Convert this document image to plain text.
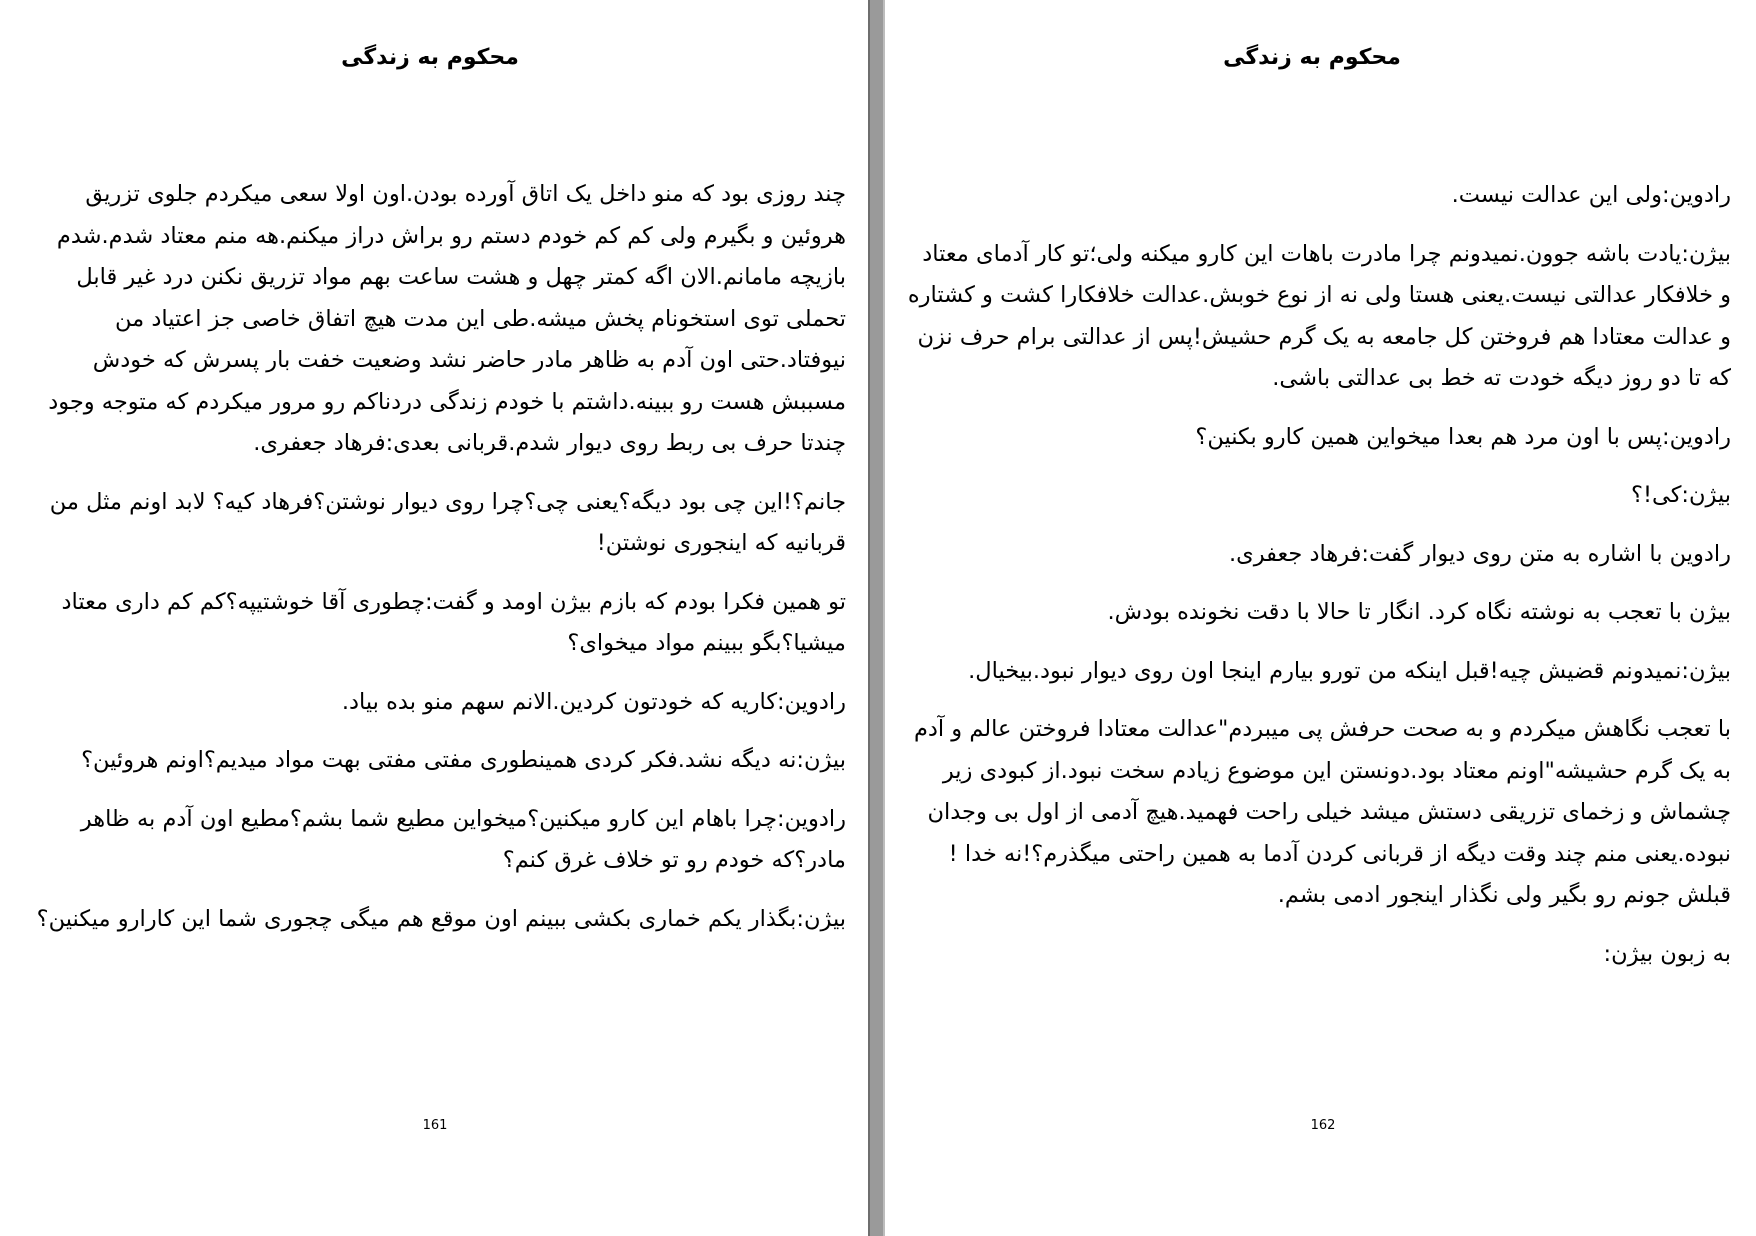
محکوم به زندگی

چند روزی بود که منو داخل یک اتاق آورده بودن.اون اولا سعی میکردم جلوی تزریق هروئین و بگیرم ولی کم کم خودم دستم رو براش دراز میکنم.هه منم معتاد شدم.شدم بازیچه مامانم.الان اگه کمتر چهل و هشت ساعت بهم مواد تزریق نکنن درد غیر قابل تحملی توی استخونام پخش میشه.طی این مدت هیچ اتفاق خاصی جز اعتیاد من نیوفتاد.حتی اون آدم به ظاهر مادر حاضر نشد وضعیت خفت بار پسرش که خودش مسببش هست رو ببینه.داشتم با خودم زندگی دردناکم رو مرور میکردم که متوجه وجود چندتا حرف بی ربط روی دیوار شدم.قربانی بعدی:فرهاد جعفری.

جانم؟!این چی بود دیگه؟یعنی چی؟چرا روی دیوار نوشتن؟فرهاد کیه؟ لابد اونم مثل من قربانیه که اینجوری نوشتن!

تو همین فکرا بودم که بازم بیژن اومد و گفت:چطوری آقا خوشتیپه؟کم کم داری معتاد میشیا؟بگو ببینم مواد میخوای؟

رادوین:کاریه که خودتون کردین.الانم سهم منو بده بیاد.

بیژن:نه دیگه نشد.فکر کردی همینطوری مفتی مفتی بهت مواد میدیم؟اونم هروئین؟

رادوین:چرا باهام این کارو میکنین؟میخواین مطیع شما بشم؟مطیع اون آدم به ظاهر مادر؟که خودم رو تو خلاف غرق کنم؟

بیژن:بگذار یکم خماری بکشی ببینم اون موقع هم میگی چجوری شما این کارارو میکنین؟

161
محکوم به زندگی

رادوین:ولی این عدالت نیست.

بیژن:یادت باشه جوون.نمیدونم چرا مادرت باهات این کارو میکنه ولی؛تو کار آدمای معتاد و خلافکار عدالتی نیست.یعنی هستا ولی نه از نوع خوبش.عدالت خلافکارا کشت و کشتاره و عدالت معتادا هم فروختن کل جامعه به یک گرم حشیش!پس از عدالتی برام حرف نزن که تا دو روز دیگه خودت ته خط بی عدالتی باشی.

رادوین:پس با اون مرد هم بعدا میخواین همین کارو بکنین؟

بیژن:کی!؟

رادوین با اشاره به متن روی دیوار گفت:فرهاد جعفری.

بیژن با تعجب به نوشته نگاه کرد. انگار تا حالا با دقت نخونده بودش.

بیژن:نمیدونم قضیش چیه!قبل اینکه من تورو بیارم اینجا اون روی دیوار نبود.بیخیال.

با تعجب نگاهش میکردم و به صحت حرفش پی میبردم"عدالت معتادا فروختن عالم و آدم به یک گرم حشیشه"اونم معتاد بود.دونستن این موضوع زیادم سخت نبود.از کبودی زیر چشماش و زخمای تزریقی دستش میشد خیلی راحت فهمید.هیچ آدمی از اول بی وجدان نبوده.یعنی منم چند وقت دیگه از قربانی کردن آدما به همین راحتی میگذرم؟!نه خدا !قبلش جونم رو بگیر ولی نگذار اینجور ادمی بشم.

به زبون بیژن:

162
